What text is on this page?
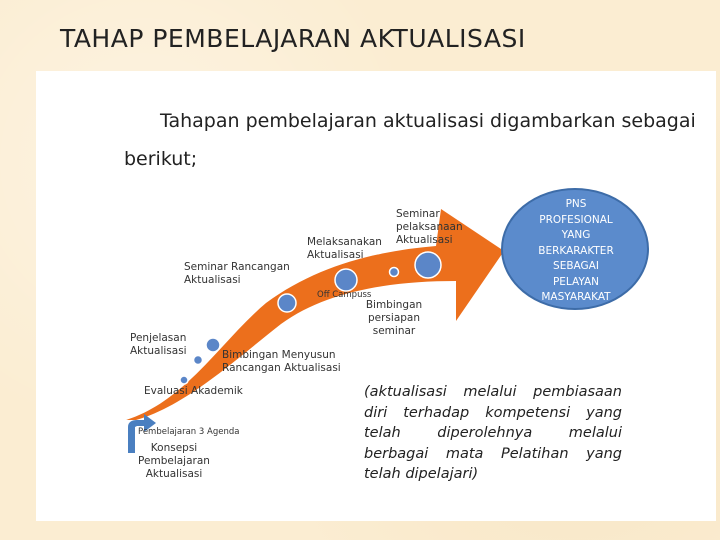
TAHAP PEMBELAJARAN AKTUALISASI
Tahapan pembelajaran aktualisasi digambarkan sebagai
berikut;
Pembelajaran 3 Agenda
Konsepsi
Pembelajaran
Aktualisasi
Evaluasi Akademik
Penjelasan
Aktualisasi	Bimbingan Menyusun
Rancangan Aktualisasi
Seminar Rancangan
Aktualisasi
Off Campuss
Melaksanakan
Aktualisasi
Bimbingan
persiapan
seminar
Seminar
pelaksanaan
Aktualisasi
PNS
PROFESIONAL
YANG
BERKARAKTER
SEBAGAI
PELAYAN
MASYARAKAT
(aktualisasi melalui pembiasaan diri terhadap kompetensi yang telah diperolehnya melalui berbagai mata Pelatihan yang telah dipelajari)
